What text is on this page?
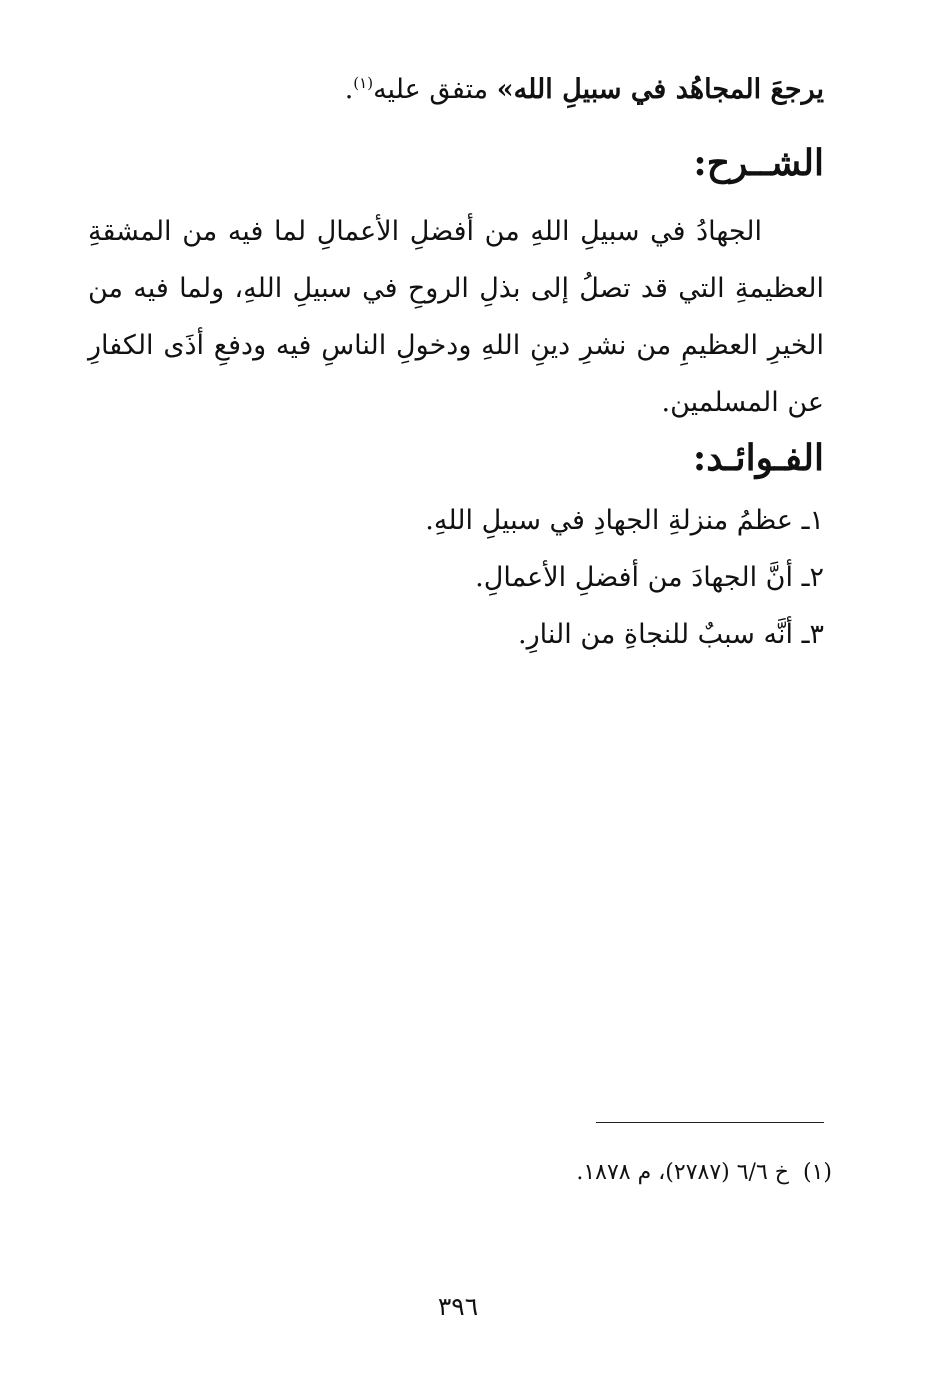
يرجعَ المجاهُد في سبيلِ الله» متفق عليه$^{(١)}$.
الشــرح:
الجهادُ في سبيلِ اللهِ من أفضلِ الأعمالِ لما فيه من المشقةِ العظيمةِ التي قد تصلُ إلى بذلِ الروحِ في سبيلِ اللهِ، ولما فيه من الخيرِ العظيمِ من نشرِ دينِ اللهِ ودخولِ الناسِ فيه ودفعِ أذَى الكفارِ عن المسلمين.
الفـوائـد:
١ـ عظمُ منزلةِ الجهادِ في سبيلِ اللهِ.
٢ـ أنَّ الجهادَ من أفضلِ الأعمالِ.
٣ـ أنَّه سببٌ للنجاةِ من النارِ.
(١)خ ٦/٦ (٢٧٨٧)، م ١٨٧٨.
٣٩٦
